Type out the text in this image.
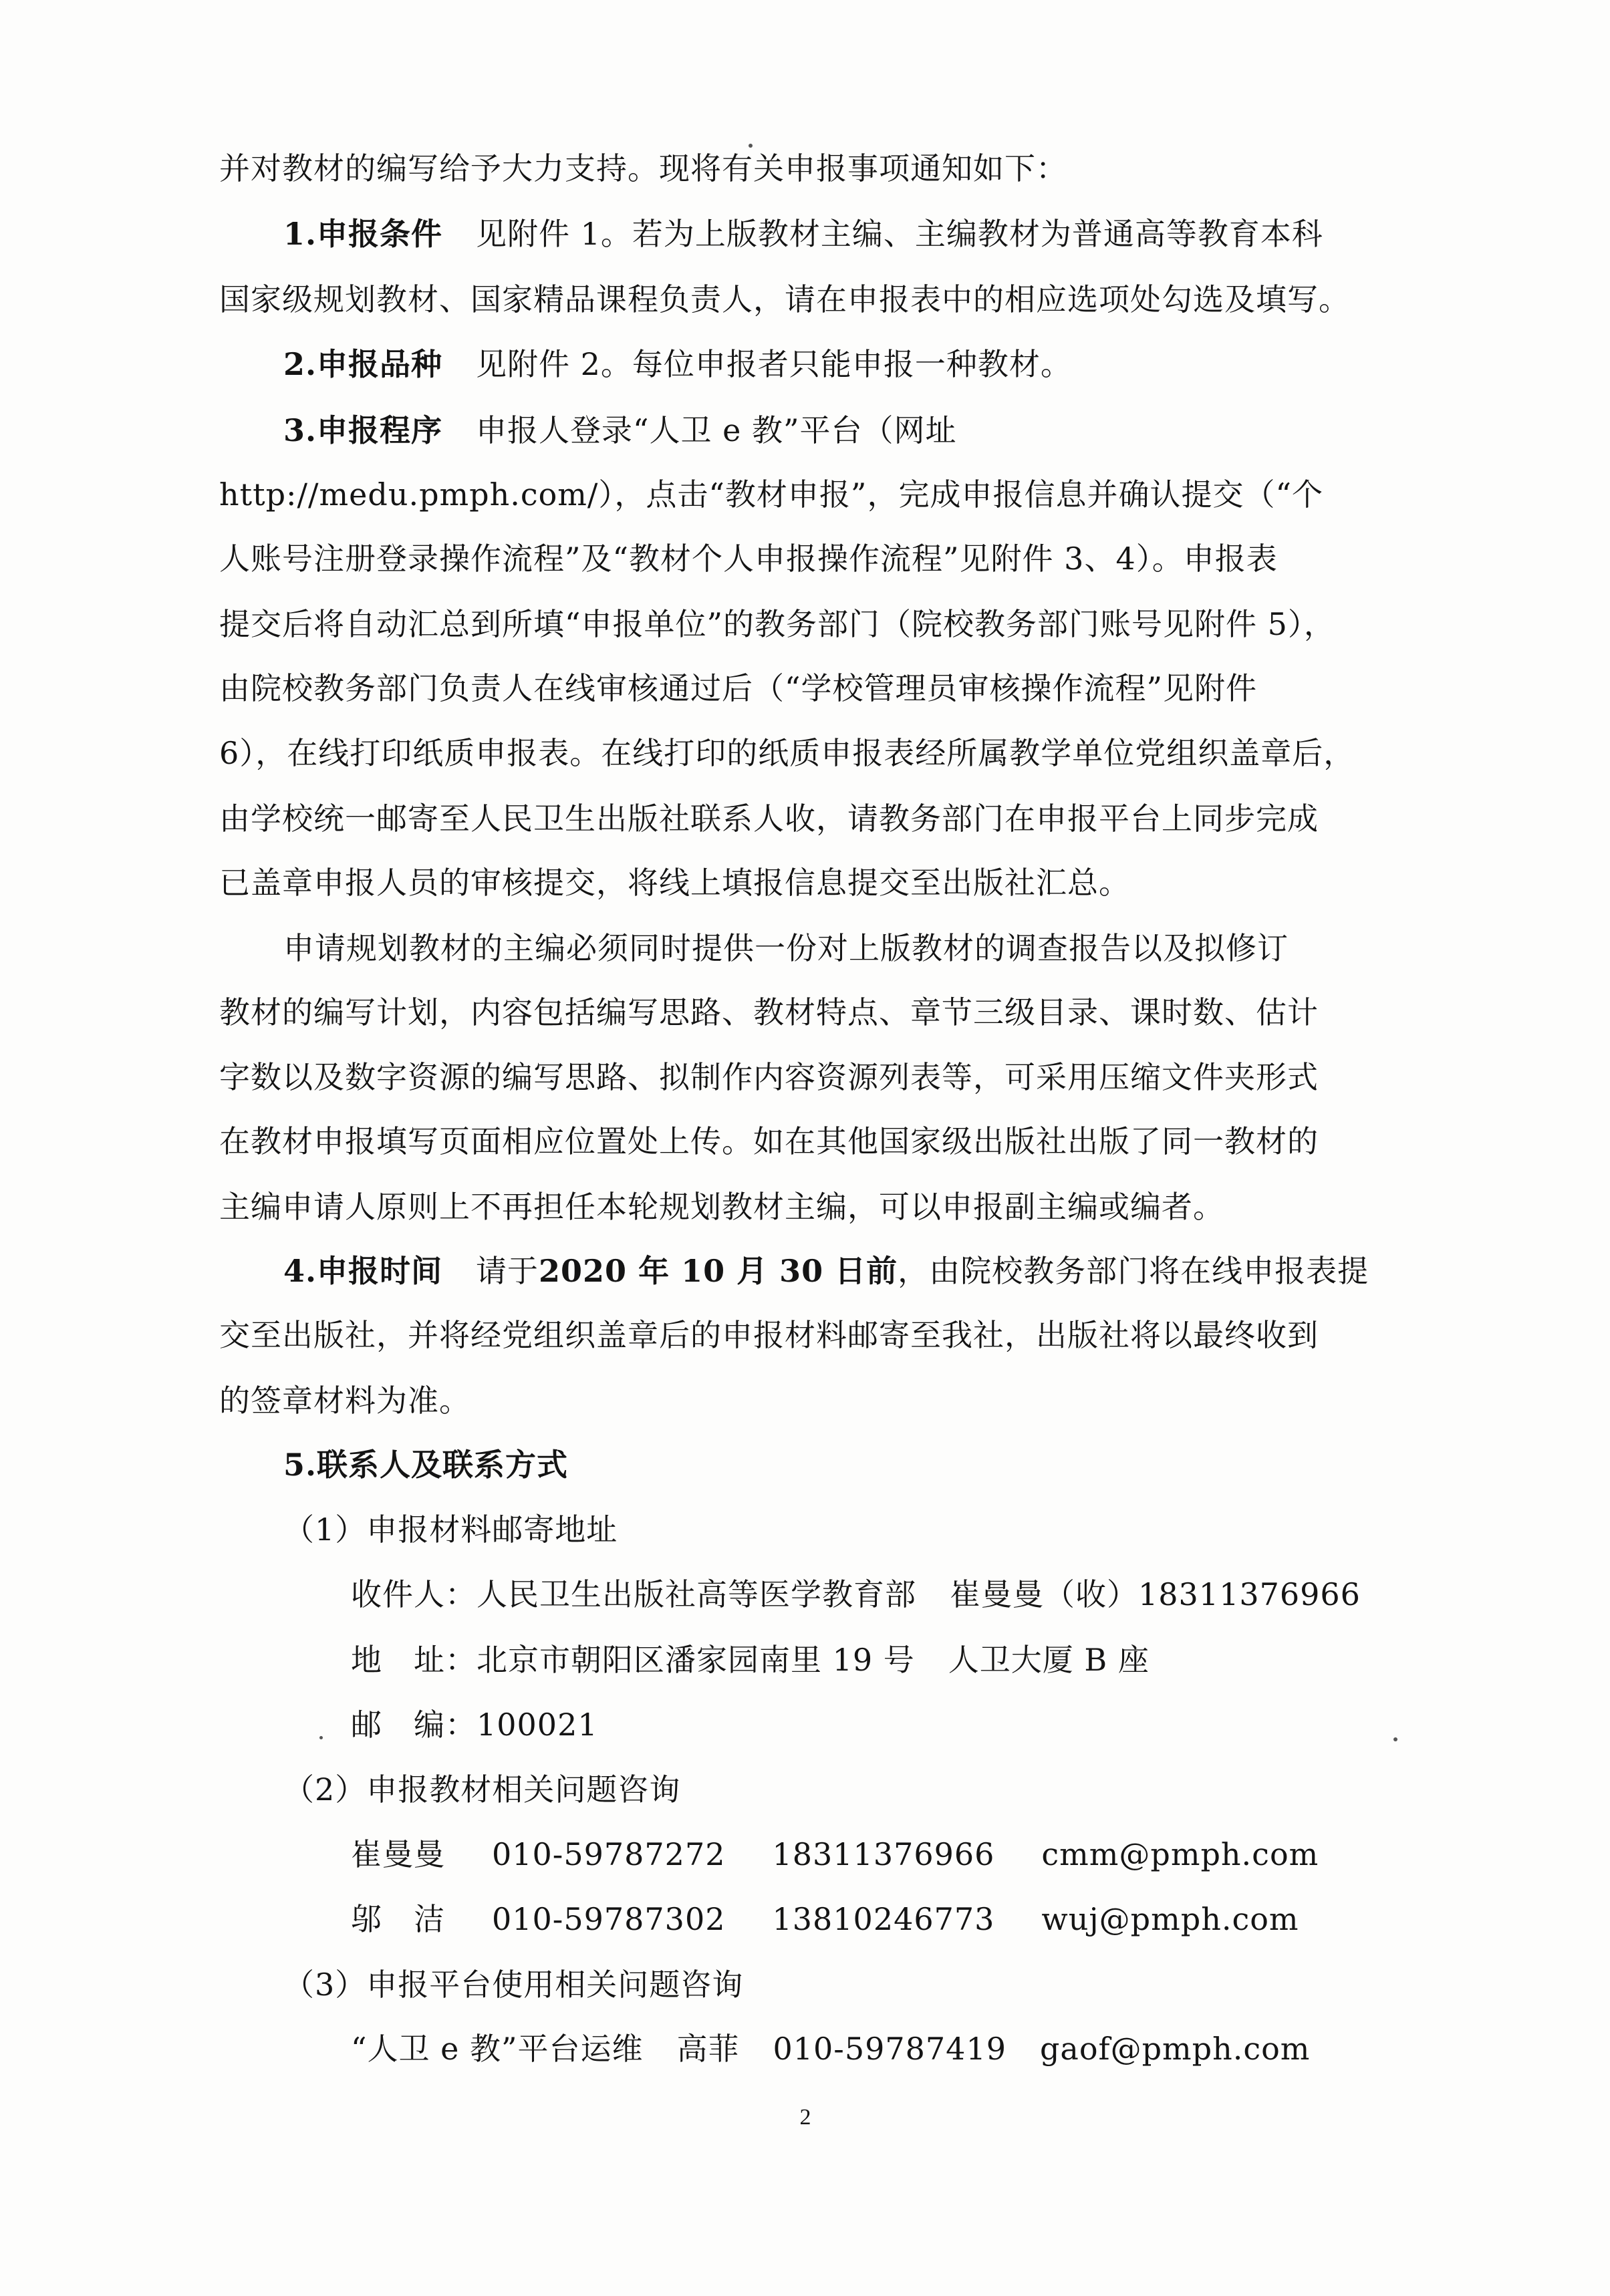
并对教材的编写给予大力支持。现将有关申报事项通知如下：
1.申报条件 见附件 1。若为上版教材主编、主编教材为普通高等教育本科
国家级规划教材、国家精品课程负责人，请在申报表中的相应选项处勾选及填写。
2.申报品种 见附件 2。每位申报者只能申报一种教材。
3.申报程序 申报人登录“人卫 e 教”平台（网址
http://medu.pmph.com/），点击“教材申报”，完成申报信息并确认提交（“个
人账号注册登录操作流程”及“教材个人申报操作流程”见附件 3、4）。申报表
提交后将自动汇总到所填“申报单位”的教务部门（院校教务部门账号见附件 5），
由院校教务部门负责人在线审核通过后（“学校管理员审核操作流程”见附件
6），在线打印纸质申报表。在线打印的纸质申报表经所属教学单位党组织盖章后，
由学校统一邮寄至人民卫生出版社联系人收，请教务部门在申报平台上同步完成
已盖章申报人员的审核提交，将线上填报信息提交至出版社汇总。
申请规划教材的主编必须同时提供一份对上版教材的调查报告以及拟修订
教材的编写计划，内容包括编写思路、教材特点、章节三级目录、课时数、估计
字数以及数字资源的编写思路、拟制作内容资源列表等，可采用压缩文件夹形式
在教材申报填写页面相应位置处上传。如在其他国家级出版社出版了同一教材的
主编申请人原则上不再担任本轮规划教材主编，可以申报副主编或编者。
4.申报时间 请于2020 年 10 月 30 日前，由院校教务部门将在线申报表提
交至出版社，并将经党组织盖章后的申报材料邮寄至我社，出版社将以最终收到
的签章材料为准。
5.联系人及联系方式
（1）申报材料邮寄地址
收件人：人民卫生出版社高等医学教育部 崔曼曼（收）18311376966
地　址：北京市朝阳区潘家园南里 19 号 人卫大厦 B 座
邮　编：100021
（2）申报教材相关问题咨询
崔曼曼 010-59787272 18311376966 cmm@pmph.com
邬　洁 010-59787302 13810246773 wuj@pmph.com
（3）申报平台使用相关问题咨询
“人卫 e 教”平台运维 高菲 010-59787419 gaof@pmph.com
2
